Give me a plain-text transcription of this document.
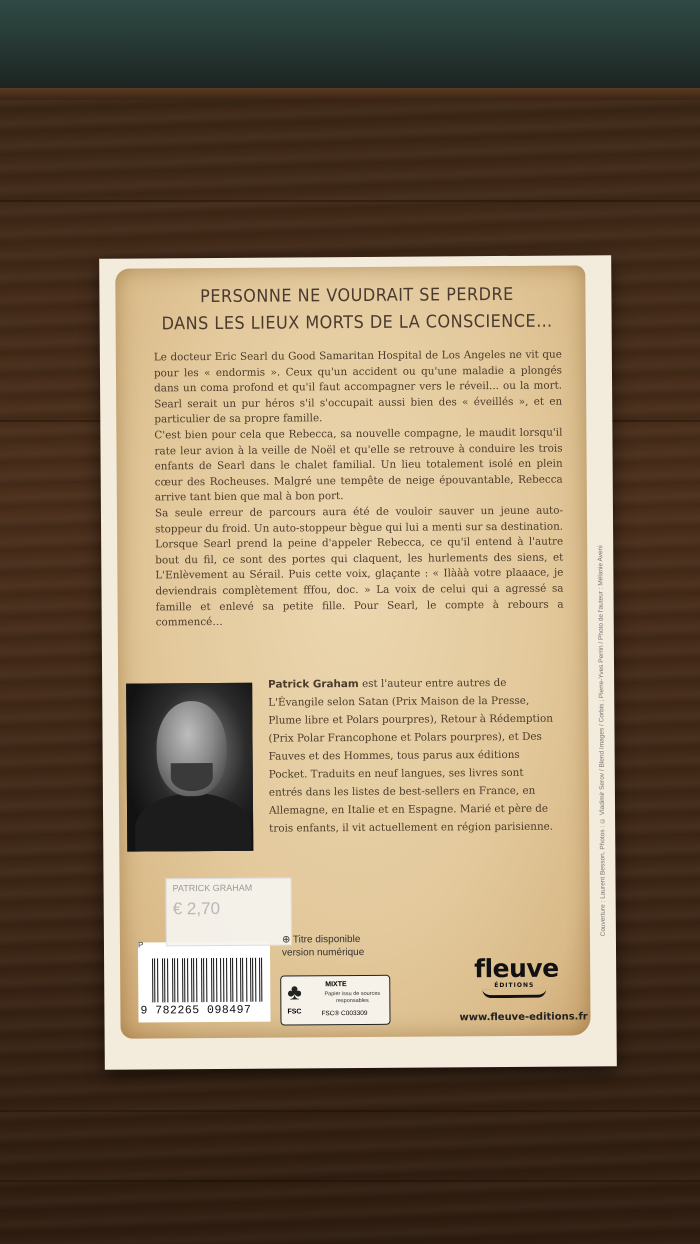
PERSONNE NE VOUDRAIT SE PERDRE
DANS LES LIEUX MORTS DE LA CONSCIENCE…

Le docteur Eric Searl du Good Samaritan Hospital de Los Angeles ne vit que pour les « endormis ». Ceux qu'un accident ou qu'une maladie a plongés dans un coma profond et qu'il faut accompagner vers le réveil... ou la mort. Searl serait un pur héros s'il s'occupait aussi bien des « éveillés », et en particulier de sa propre famille.

C'est bien pour cela que Rebecca, sa nouvelle compagne, le maudit lorsqu'il rate leur avion à la veille de Noël et qu'elle se retrouve à conduire les trois enfants de Searl dans le chalet familial. Un lieu totalement isolé en plein cœur des Rocheuses. Malgré une tempête de neige épouvantable, Rebecca arrive tant bien que mal à bon port.

Sa seule erreur de parcours aura été de vouloir sauver un jeune auto-stoppeur du froid. Un auto-stoppeur bègue qui lui a menti sur sa destination. Lorsque Searl prend la peine d'appeler Rebecca, ce qu'il entend à l'autre bout du fil, ce sont des portes qui claquent, les hurlements des siens, et L'Enlèvement au Sérail. Puis cette voix, glaçante : « Ilààà votre plaaace, je deviendrais complètement fffou, doc. » La voix de celui qui a agressé sa famille et enlevé sa petite fille. Pour Searl, le compte à rebours a commencé…

Patrick Graham est l'auteur entre autres de L'Évangile selon Satan (Prix Maison de la Presse, Plume libre et Polars pourpres), Retour à Rédemption (Prix Polar Francophone et Polars pourpres), et Des Fauves et des Hommes, tous parus aux éditions Pocket. Traduits en neuf langues, ses livres sont entrés dans les listes de best-sellers en France, en Allemagne, en Italie et en Espagne. Marié et père de trois enfants, il vit actuellement en région parisienne.
P
9 782265 098497
PATRICK GRAHAM
€ 2,70
⊕ Titre disponible
version numérique
♣
FSC
MIXTE
Papier issu de sources responsables
FSC® C003309
fleuve
ÉDITIONS
www.fleuve-editions.fr
Couverture : Laurent Besson. Photos : © Vladimir Serov / Blend Images / Corbis ; Pierre-Yves Perrin / Photo de l'auteur : Mélanie Aveni
